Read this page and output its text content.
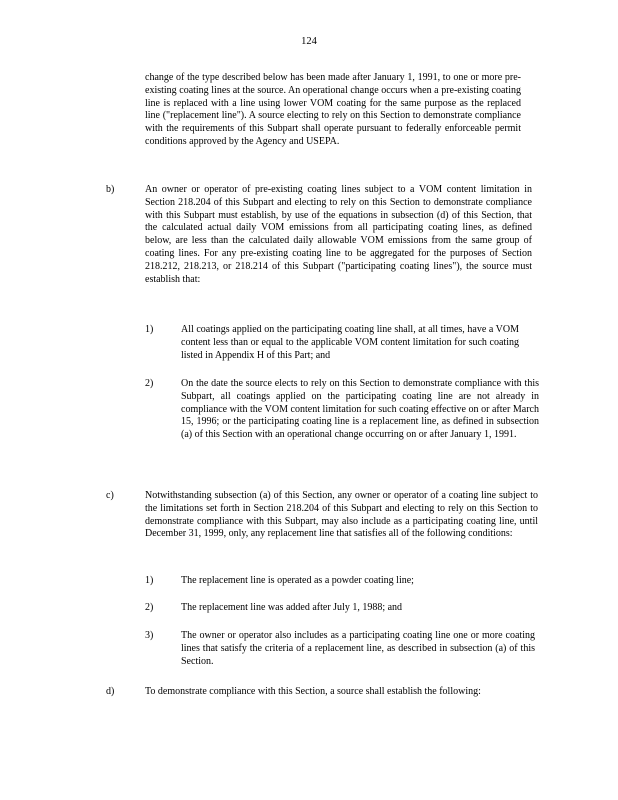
124

change of the type described below has been made after January 1, 1991, to one or more pre-existing coating lines at the source. An operational change occurs when a pre-existing coating line is replaced with a line using lower VOM coating for the same purpose as the replaced line ("replacement line"). A source electing to rely on this Section to demonstrate compliance with the requirements of this Subpart shall operate pursuant to federally enforceable permit conditions approved by the Agency and USEPA.

b)	An owner or operator of pre-existing coating lines subject to a VOM content limitation in Section 218.204 of this Subpart and electing to rely on this Section to demonstrate compliance with this Subpart must establish, by use of the equations in subsection (d) of this Section, that the calculated actual daily VOM emissions from all participating coating lines, as defined below, are less than the calculated daily allowable VOM emissions from the same group of coating lines. For any pre-existing coating line to be aggregated for the purposes of Section 218.212, 218.213, or 218.214 of this Subpart ("participating coating lines"), the source must establish that:

1)	All coatings applied on the participating coating line shall, at all times, have a VOM content less than or equal to the applicable VOM content limitation for such coating listed in Appendix H of this Part; and

2)	On the date the source elects to rely on this Section to demonstrate compliance with this Subpart, all coatings applied on the participating coating line are not already in compliance with the VOM content limitation for such coating effective on or after March 15, 1996; or the participating coating line is a replacement line, as defined in subsection (a) of this Section with an operational change occurring on or after January 1, 1991.

c)	Notwithstanding subsection (a) of this Section, any owner or operator of a coating line subject to the limitations set forth in Section 218.204 of this Subpart and electing to rely on this Section to demonstrate compliance with this Subpart, may also include as a participating coating line, until December 31, 1999, only, any replacement line that satisfies all of the following conditions:

1)	The replacement line is operated as a powder coating line;

2)	The replacement line was added after July 1, 1988; and

3)	The owner or operator also includes as a participating coating line one or more coating lines that satisfy the criteria of a replacement line, as described in subsection (a) of this Section.

d)	To demonstrate compliance with this Section, a source shall establish the following:
